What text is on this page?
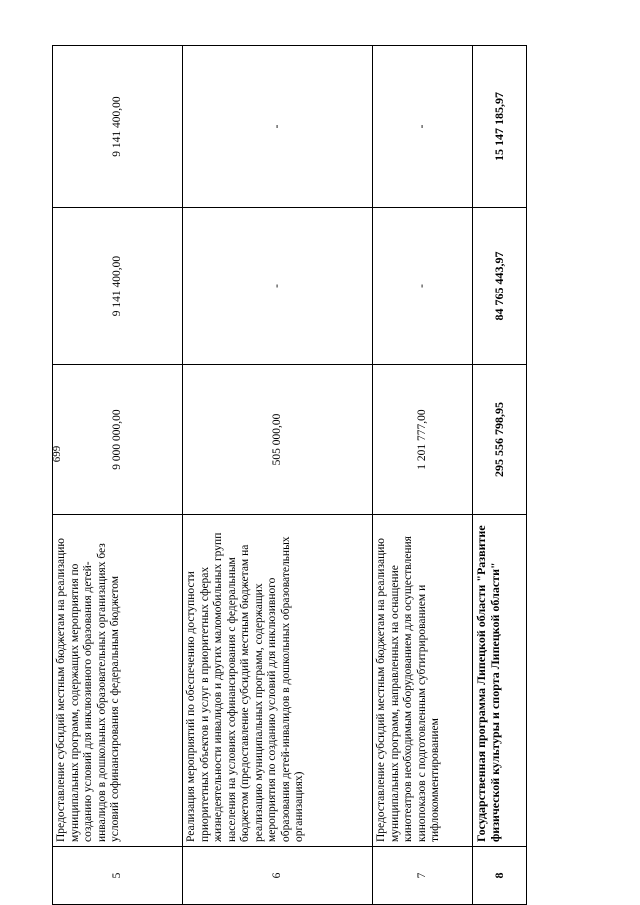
699
5
Предоставление субсидий местным бюджетам на реализацию муниципальных программ, содержащих мероприятия по созданию условий для инклюзивного образования детей-инвалидов в дошкольных образовательных организациях без условий софинансирования с федеральным бюджетом
9 000 000,00
9 141 400,00
9 141 400,00
6
Реализация мероприятий по обеспечению доступности приоритетных объектов и услуг в приоритетных сферах жизнедеятельности инвалидов и других маломобильных групп населения на условиях софинансирования с федеральным бюджетом (предоставление субсидий местным бюджетам на реализацию муниципальных программ, содержащих мероприятия по созданию условий для инклюзивного образования детей-инвалидов в дошкольных образовательных организациях)
505 000,00
-
-
7
Предоставление субсидий местным бюджетам на реализацию муниципальных программ, направленных на оснащение кинотеатров необходимым оборудованием для осуществления кинопоказов с подготовленным субтитрированием и тифлокомментированием
1 201 777,00
-
-
8
Государственная программа Липецкой области "Развитие физической культуры и спорта Липецкой области"
295 556 798,95
84 765 443,97
15 147 185,97
